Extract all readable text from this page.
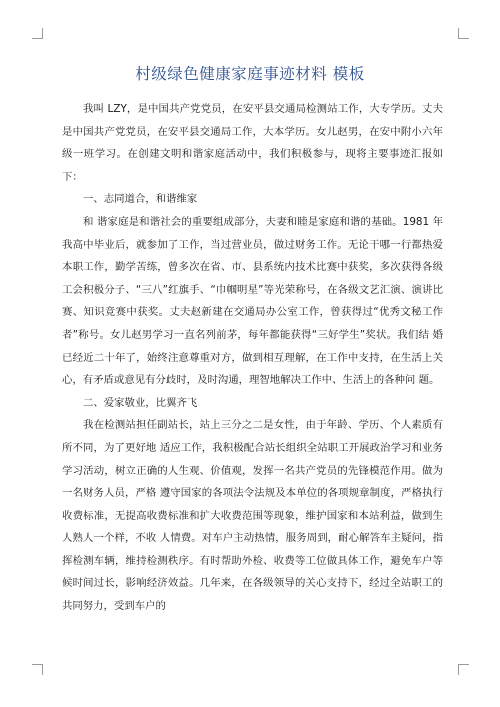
村级绿色健康家庭事迹材料 模板

我叫 LZY，是中国共产党党员，在安平县交通局检测站工作，大专学历。丈夫是中国共产党党员，在安平县交通局工作，大本学历。女儿赵男，在安中附小六年级一班学习。在创建文明和谐家庭活动中，我们积极参与，现将主要事迹汇报如下：

一、志同道合，和谐维家

和 谐家庭是和谐社会的重要组成部分，夫妻和睦是家庭和谐的基础。1981 年我高中毕业后，就参加了工作，当过营业员，做过财务工作。无论干哪一行都热爱本职工作，勤学苦练，曾多次在省、市、县系统内技术比赛中获奖，多次获得各级工会积极分子、“三八”红旗手、“巾帼明星”等光荣称号，在各级文艺汇演、演讲比 赛、知识竞赛中获奖。丈夫赵新建在交通局办公室工作，曾获得过“优秀文秘工作者”称号。女儿赵男学习一直名列前茅，每年都能获得“三好学生”奖状。我们结 婚已经近二十年了，始终注意尊重对方，做到相互理解，在工作中支持，在生活上关心，有矛盾或意见有分歧时，及时沟通，理智地解决工作中、生活上的各种问 题。

二、爱家敬业，比翼齐飞

我在检测站担任副站长，站上三分之二是女性，由于年龄、学历、个人素质有所不同，为了更好地 适应工作，我积极配合站长组织全站职工开展政治学习和业务学习活动，树立正确的人生观、价值观，发挥一名共产党员的先锋模范作用。做为一名财务人员，严格 遵守国家的各项法令法规及本单位的各项规章制度，严格执行收费标准，无提高收费标准和扩大收费范围等现象，维护国家和本站利益，做到生人熟人一个样，不收 人情费。对车户主动热情，服务周到，耐心解答车主疑问，指挥检测车辆，维持检测秩序。有时帮助外检、收费等工位做具体工作，避免车户等候时间过长，影响经济效益。几年来，在各级领导的关心支持下，经过全站职工的共同努力，受到车户的
